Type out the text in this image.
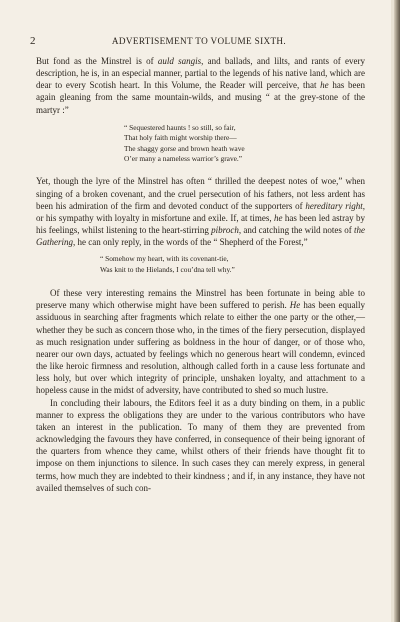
2	ADVERTISEMENT TO VOLUME SIXTH.

But fond as the Minstrel is of auld sangis, and ballads, and lilts, and rants of every description, he is, in an especial manner, partial to the legends of his native land, which are dear to every Scotish heart. In this Volume, the Reader will perceive, that he has been again gleaning from the same mountain-wilds, and musing “ at the grey-stone of the martyr :”

“ Sequestered haunts ! so still, so fair,
That holy faith might worship there—
The shaggy gorse and brown heath wave
O’er many a nameless warrior’s grave.”

Yet, though the lyre of the Minstrel has often “ thrilled the deepest notes of woe,” when singing of a broken covenant, and the cruel persecution of his fathers, not less ardent has been his admiration of the firm and devoted conduct of the supporters of hereditary right, or his sympathy with loyalty in misfortune and exile. If, at times, he has been led astray by his feelings, whilst listening to the heart-stirring pibroch, and catching the wild notes of the Gathering, he can only reply, in the words of the “ Shepherd of the Forest,”

“ Somehow my heart, with its covenant-tie,
Was knit to the Hielands, I cou’dna tell why.”

Of these very interesting remains the Minstrel has been fortunate in being able to preserve many which otherwise might have been suffered to perish. He has been equally assiduous in searching after fragments which relate to either the one party or the other,—whether they be such as concern those who, in the times of the fiery persecution, displayed as much resignation under suffering as boldness in the hour of danger, or of those who, nearer our own days, actuated by feelings which no generous heart will condemn, evinced the like heroic firmness and resolution, although called forth in a cause less fortunate and less holy, but over which integrity of principle, unshaken loyalty, and attachment to a hopeless cause in the midst of adversity, have contributed to shed so much lustre.

In concluding their labours, the Editors feel it as a duty binding on them, in a public manner to express the obligations they are under to the various contributors who have taken an interest in the publication. To many of them they are prevented from acknowledging the favours they have conferred, in consequence of their being ignorant of the quarters from whence they came, whilst others of their friends have thought fit to impose on them injunctions to silence. In such cases they can merely express, in general terms, how much they are indebted to their kindness ; and if, in any instance, they have not availed themselves of such con-
